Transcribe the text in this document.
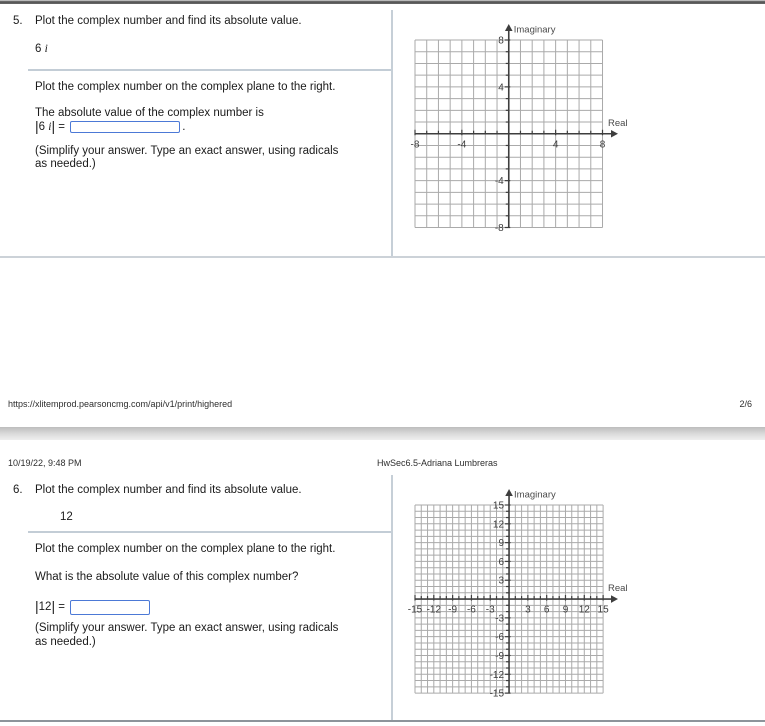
5. Plot the complex number and find its absolute value.
6 i
Plot the complex number on the complex plane to the right.
The absolute value of the complex number is
| 6 i | =	.
(Simplify your answer. Type an exact answer, using radicals
as needed.)
-8	-4	4	8
8
4
-4
-8
Real
Imaginary
https://xlitemprod.pearsoncmg.com/api/v1/print/highered	2/6
10/19/22, 9:48 PM	HwSec6.5-Adriana Lumbreras
6. Plot the complex number and find its absolute value.
12
Plot the complex number on the complex plane to the right.
What is the absolute value of this complex number?
| 12 | =
(Simplify your answer. Type an exact answer, using radicals
as needed.)
-15 -12 -9 -6 -3	3 6 9 12 15
15
12
9
6
3
-3
-6
-9
-12
-15
Real
Imaginary
